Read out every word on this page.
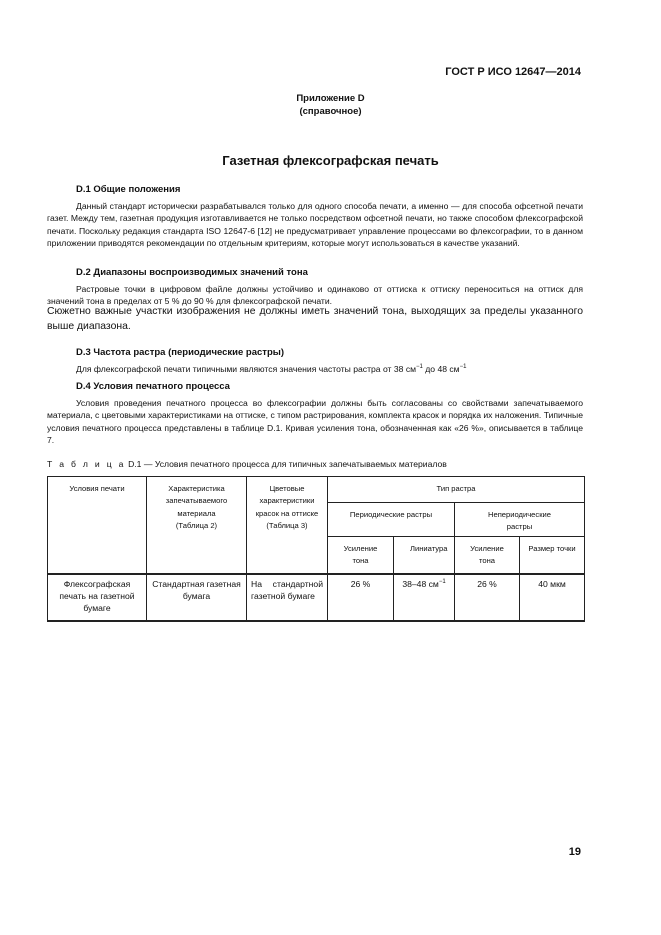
ГОСТ Р ИСО 12647—2014
Приложение D
(справочное)
Газетная флексографская печать
D.1 Общие положения
Данный стандарт исторически разрабатывался только для одного способа печати, а именно — для способа офсетной печати газет. Между тем, газетная продукция изготавливается не только посредством офсетной печати, но также способом флексографской печати. Поскольку редакция стандарта ISO 12647-6 [12] не предусматривает управление процессами во флексографии, то в данном приложении приводятся рекомендации по отдельным критериям, которые могут использоваться в качестве указаний.
D.2 Диапазоны воспроизводимых значений тона
Растровые точки в цифровом файле должны устойчиво и одинаково от оттиска к оттиску переноситься на оттиск для значений тона в пределах от 5 % до 90 % для флексографской печати.
Сюжетно важные участки изображения не должны иметь значений тона, выходящих за пределы указанного выше диапазона.
D.3 Частота растра (периодические растры)
Для флексографской печати типичными являются значения частоты растра от 38 $см^{-1}$ до 48 $см^{-1}$
D.4 Условия печатного процесса
Условия проведения печатного процесса во флексографии должны быть согласованы со свойствами запечатываемого материала, с цветовыми характеристиками на оттиске, с типом растрирования, комплекта красок и порядка их наложения. Типичные условия печатного процесса представлены в таблице D.1. Кривая усиления тона, обозначенная как «26 %», описывается в таблице 7.
Т а б л и ц а D.1 — Условия печатного процесса для типичных запечатываемых материалов
Условия печати	Характеристика запечатываемого материала (Таблица 2)	Цветовые характеристики красок на оттиске (Таблица 3)	Тип растра			

			Периодические растры		Непериодические растры	

			Усиление тона	Линиатура	Усиление тона	Размер точки

Флексографская печать на газетной бумаге	Стандартная газетная бумага	На стандартной газетной бумаге	26 %	38–48 $см^{-1}$	26 %	40 мкм
19
